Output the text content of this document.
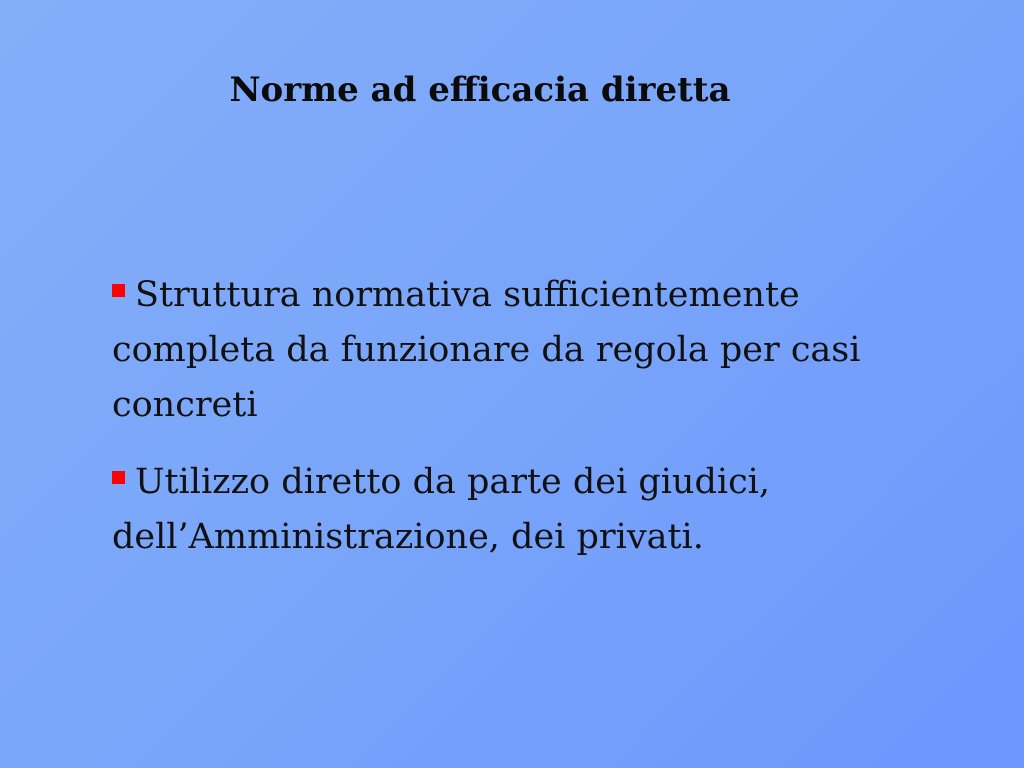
Norme ad efficacia diretta
Struttura normativa sufficientemente completa da funzionare da regola per casi concreti
Utilizzo diretto da parte dei giudici, dell’Amministrazione, dei privati.
